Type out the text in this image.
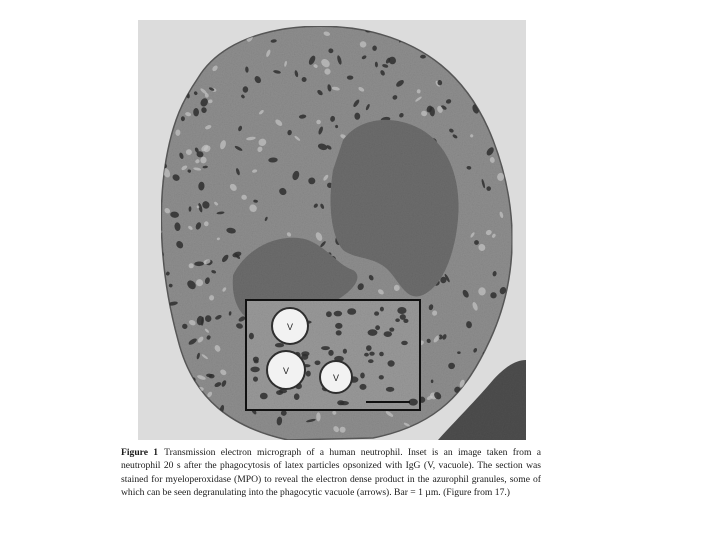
V
V
V

Figure 1 Transmission electron micrograph of a human neutrophil. Inset is an image taken from a neutrophil 20 s after the phagocytosis of latex particles opsonized with IgG (V, vacuole). The section was stained for myeloperoxidase (MPO) to reveal the electron dense product in the azurophil granules, some of which can be seen degranulating into the phagocytic vacuole (arrows). Bar = 1 µm. (Figure from 17.)
